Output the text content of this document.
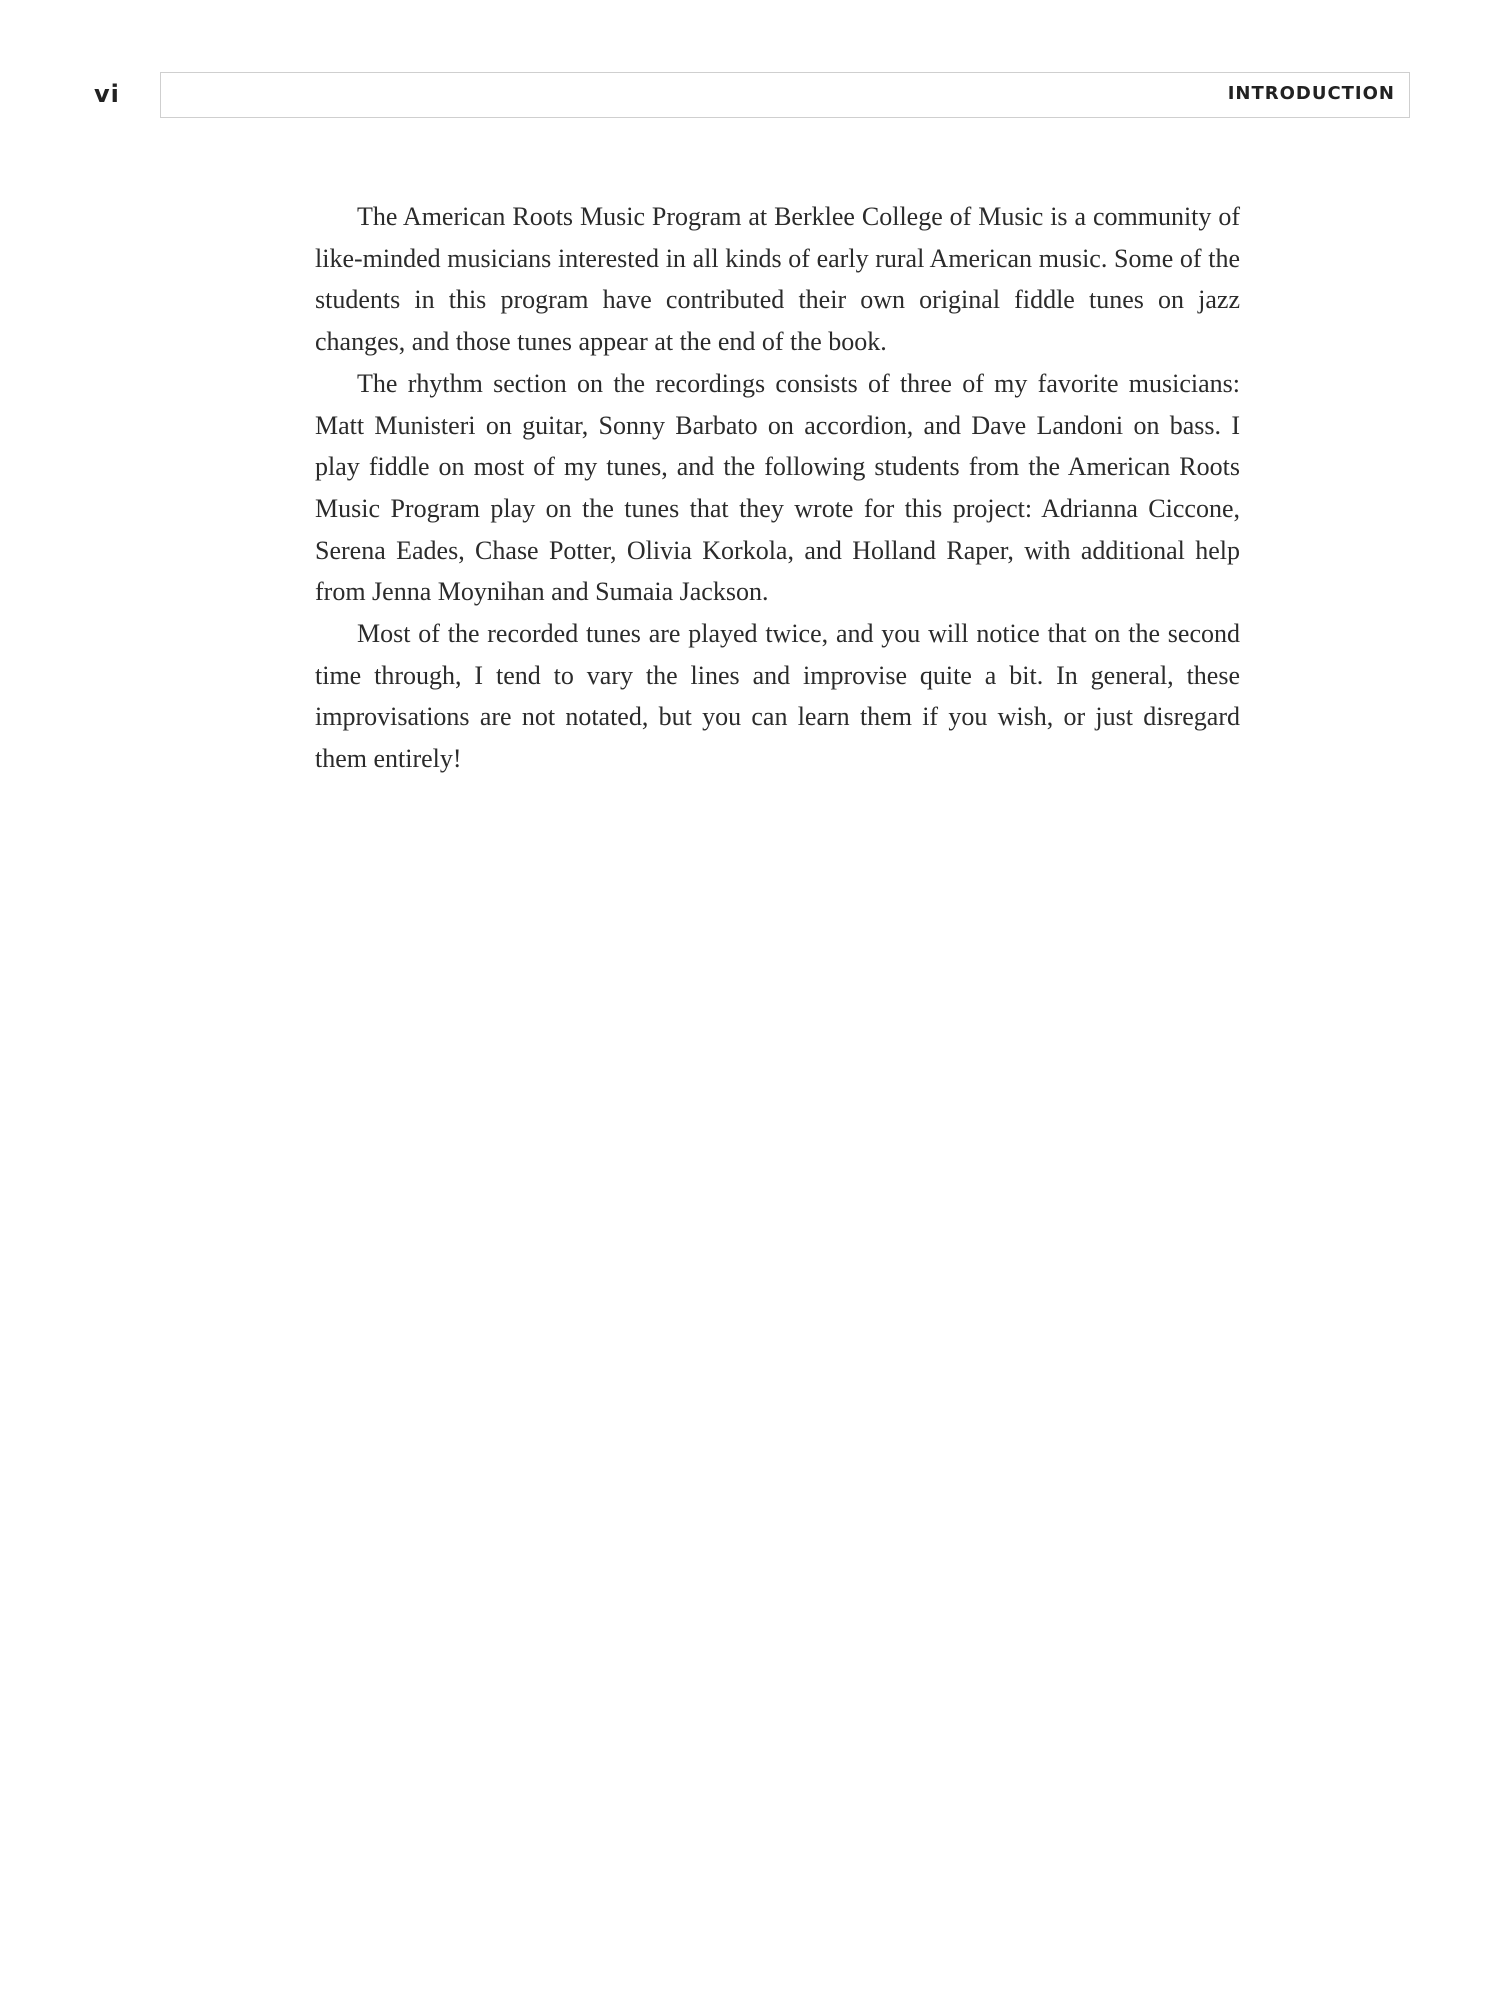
vi	INTRODUCTION

The American Roots Music Program at Berklee College of Music is a community of like-minded musicians interested in all kinds of early rural American music. Some of the students in this program have contributed their own original fiddle tunes on jazz changes, and those tunes appear at the end of the book.

The rhythm section on the recordings consists of three of my favorite musicians: Matt Munisteri on guitar, Sonny Barbato on accordion, and Dave Landoni on bass. I play fiddle on most of my tunes, and the following students from the American Roots Music Program play on the tunes that they wrote for this project: Adrianna Ciccone, Serena Eades, Chase Potter, Olivia Korkola, and Holland Raper, with additional help from Jenna Moynihan and Sumaia Jackson.

Most of the recorded tunes are played twice, and you will notice that on the second time through, I tend to vary the lines and improvise quite a bit. In general, these improvisations are not notated, but you can learn them if you wish, or just disregard them entirely!
